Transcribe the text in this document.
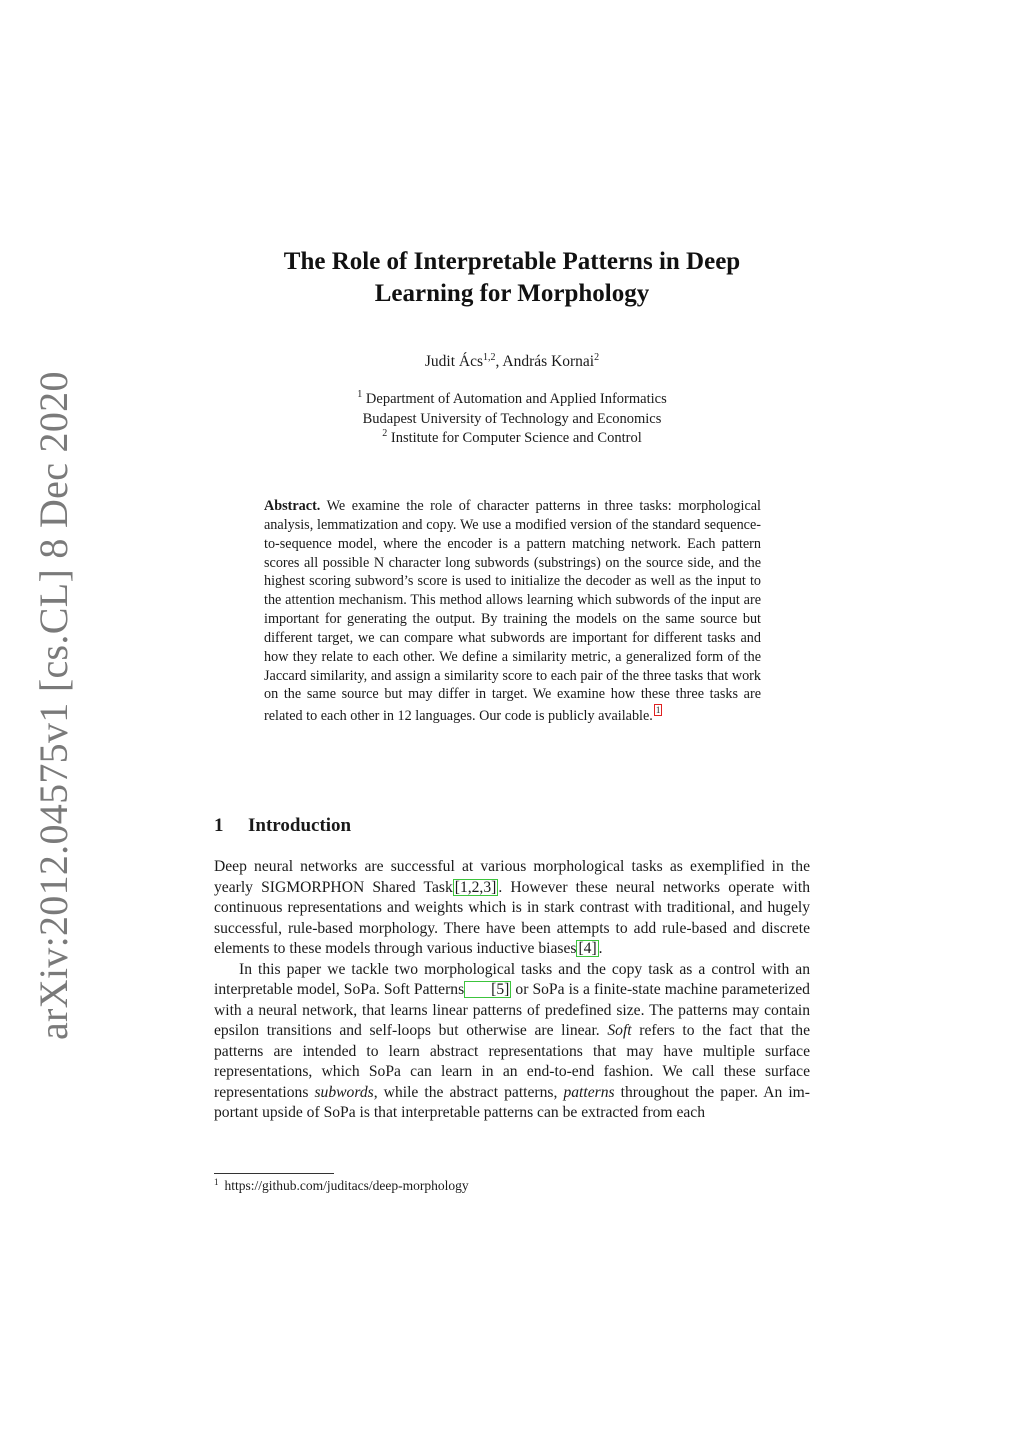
arXiv:2012.04575v1 [cs.CL] 8 Dec 2020
The Role of Interpretable Patterns in Deep
Learning for Morphology
Judit Ács$^{1,2}$, András Kornai$^2$
$^1$ Department of Automation and Applied Informatics
Budapest University of Technology and Economics
$^2$ Institute for Computer Science and Control
Abstract. We examine the role of character patterns in three tasks: morphological analysis, lemmatization and copy. We use a modified version of the standard sequence-to-sequence model, where the encoder is a pattern matching network. Each pattern scores all possible N character long subwords (substrings) on the source side, and the highest scoring subword’s score is used to initialize the decoder as well as the input to the attention mechanism. This method allows learning which subwords of the input are important for generating the output. By training the models on the same source but different target, we can compare what subwords are important for different tasks and how they relate to each other. We define a similarity metric, a generalized form of the Jaccard similarity, and assign a similarity score to each pair of the three tasks that work on the same source but may differ in target. We examine how these three tasks are related to each other in 12 languages. Our code is publicly available. 1
1 Introduction

Deep neural networks are successful at various morphological tasks as exemplified in the yearly SIGMORPHON Shared Task [1,2,3] . However these neural networks operate with continuous representations and weights which is in stark contrast with traditional, and hugely successful, rule-based morphology. There have been attempts to add rule-based and discrete elements to these models through various inductive biases [4] .

In this paper we tackle two morphological tasks and the copy task as a control with an interpretable model, SoPa. Soft Patterns [5] or SoPa is a finite-state machine parameterized with a neural network, that learns linear patterns of predefined size. The patterns may contain epsilon transitions and self-loops but otherwise are linear. Soft refers to the fact that the patterns are intended to learn abstract representations that may have multiple surface representations, which SoPa can learn in an end-to-end fashion. We call these surface representations subwords, while the abstract patterns, patterns throughout the paper. An important upside of SoPa is that interpretable patterns can be extracted from each

$^1$ https://github.com/juditacs/deep-morphology
